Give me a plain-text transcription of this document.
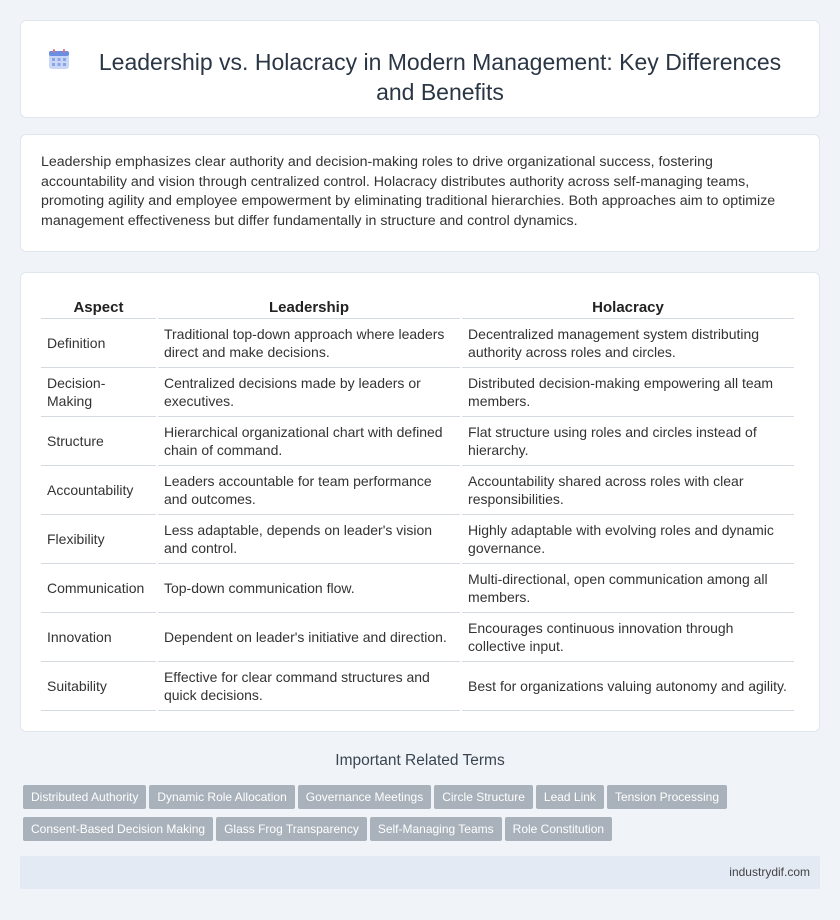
Leadership vs. Holacracy in Modern Management: Key Differences and Benefits

Leadership emphasizes clear authority and decision-making roles to drive organizational success, fostering accountability and vision through centralized control. Holacracy distributes authority across self-managing teams, promoting agility and employee empowerment by eliminating traditional hierarchies. Both approaches aim to optimize management effectiveness but differ fundamentally in structure and control dynamics.

Aspect	Leadership	Holacracy
Definition	Traditional top-down approach where leaders direct and make decisions.	Decentralized management system distributing authority across roles and circles.
Decision-Making	Centralized decisions made by leaders or executives.	Distributed decision-making empowering all team members.
Structure	Hierarchical organizational chart with defined chain of command.	Flat structure using roles and circles instead of hierarchy.
Accountability	Leaders accountable for team performance and outcomes.	Accountability shared across roles with clear responsibilities.
Flexibility	Less adaptable, depends on leader's vision and control.	Highly adaptable with evolving roles and dynamic governance.
Communication	Top-down communication flow.	Multi-directional, open communication among all members.
Innovation	Dependent on leader's initiative and direction.	Encourages continuous innovation through collective input.
Suitability	Effective for clear command structures and quick decisions.	Best for organizations valuing autonomy and agility.
Important Related Terms
Distributed Authority Dynamic Role Allocation Governance Meetings Circle Structure Lead Link Tension Processing
Consent-Based Decision Making Glass Frog Transparency Self-Managing Teams Role Constitution
industrydif.com
